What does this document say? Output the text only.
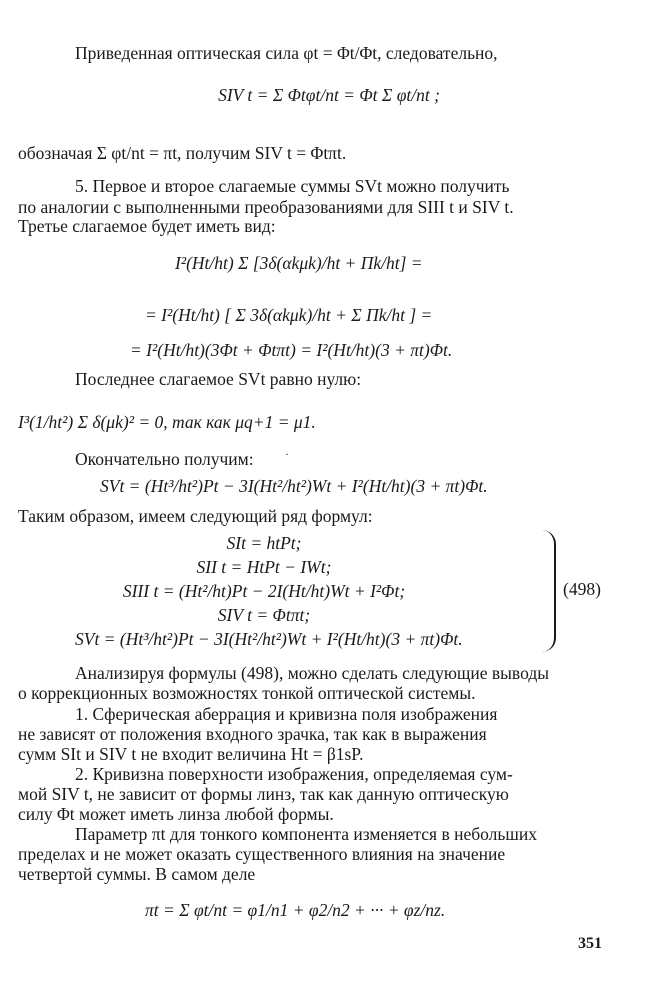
Приведенная оптическая сила φt = Φt/Φt, следовательно,
SIV t = Σ Φtφt/nt = Φt Σ φt/nt ;
обозначая Σ φt/nt = πt, получим SIV t = Φtπt.
5. Первое и второе слагаемые суммы SVt можно получить
по аналогии с выполненными преобразованиями для SIII t и SIV t.
Третье слагаемое будет иметь вид:
I²(Ht/ht) Σ [3δ(αkμk)/ht + Πk/ht] =
= I²(Ht/ht) [ Σ 3δ(αkμk)/ht + Σ Πk/ht ] =
= I²(Ht/ht)(3Φt + Φtπt) = I²(Ht/ht)(3 + πt)Φt.
Последнее слагаемое SVt равно нулю:
I³(1/ht²) Σ δ(μk)² = 0, так как μq+1 = μ1.
·
Окончательно получим:
SVt = (Ht³/ht²)Pt − 3I(Ht²/ht²)Wt + I²(Ht/ht)(3 + πt)Φt.
Таким образом, имеем следующий ряд формул:
SIt = htPt;
SII t = HtPt − IWt;
SIII t = (Ht²/ht)Pt − 2I(Ht/ht)Wt + I²Φt;
SIV t = Φtπt;
SVt = (Ht³/ht²)Pt − 3I(Ht²/ht²)Wt + I²(Ht/ht)(3 + πt)Φt.
(498)
Анализируя формулы (498), можно сделать следующие выводы
о коррекционных возможностях тонкой оптической системы.
1. Сферическая аберрация и кривизна поля изображения
не зависят от положения входного зрачка, так как в выражения
сумм SIt и SIV t не входит величина Ht = β1sP.
2. Кривизна поверхности изображения, определяемая сум-
мой SIV t, не зависит от формы линз, так как данную оптическую
силу Φt может иметь линза любой формы.
Параметр πt для тонкого компонента изменяется в небольших
пределах и не может оказать существенного влияния на значение
четвертой суммы. В самом деле
πt = Σ φt/nt = φ1/n1 + φ2/n2 + ··· + φz/nz.
351
